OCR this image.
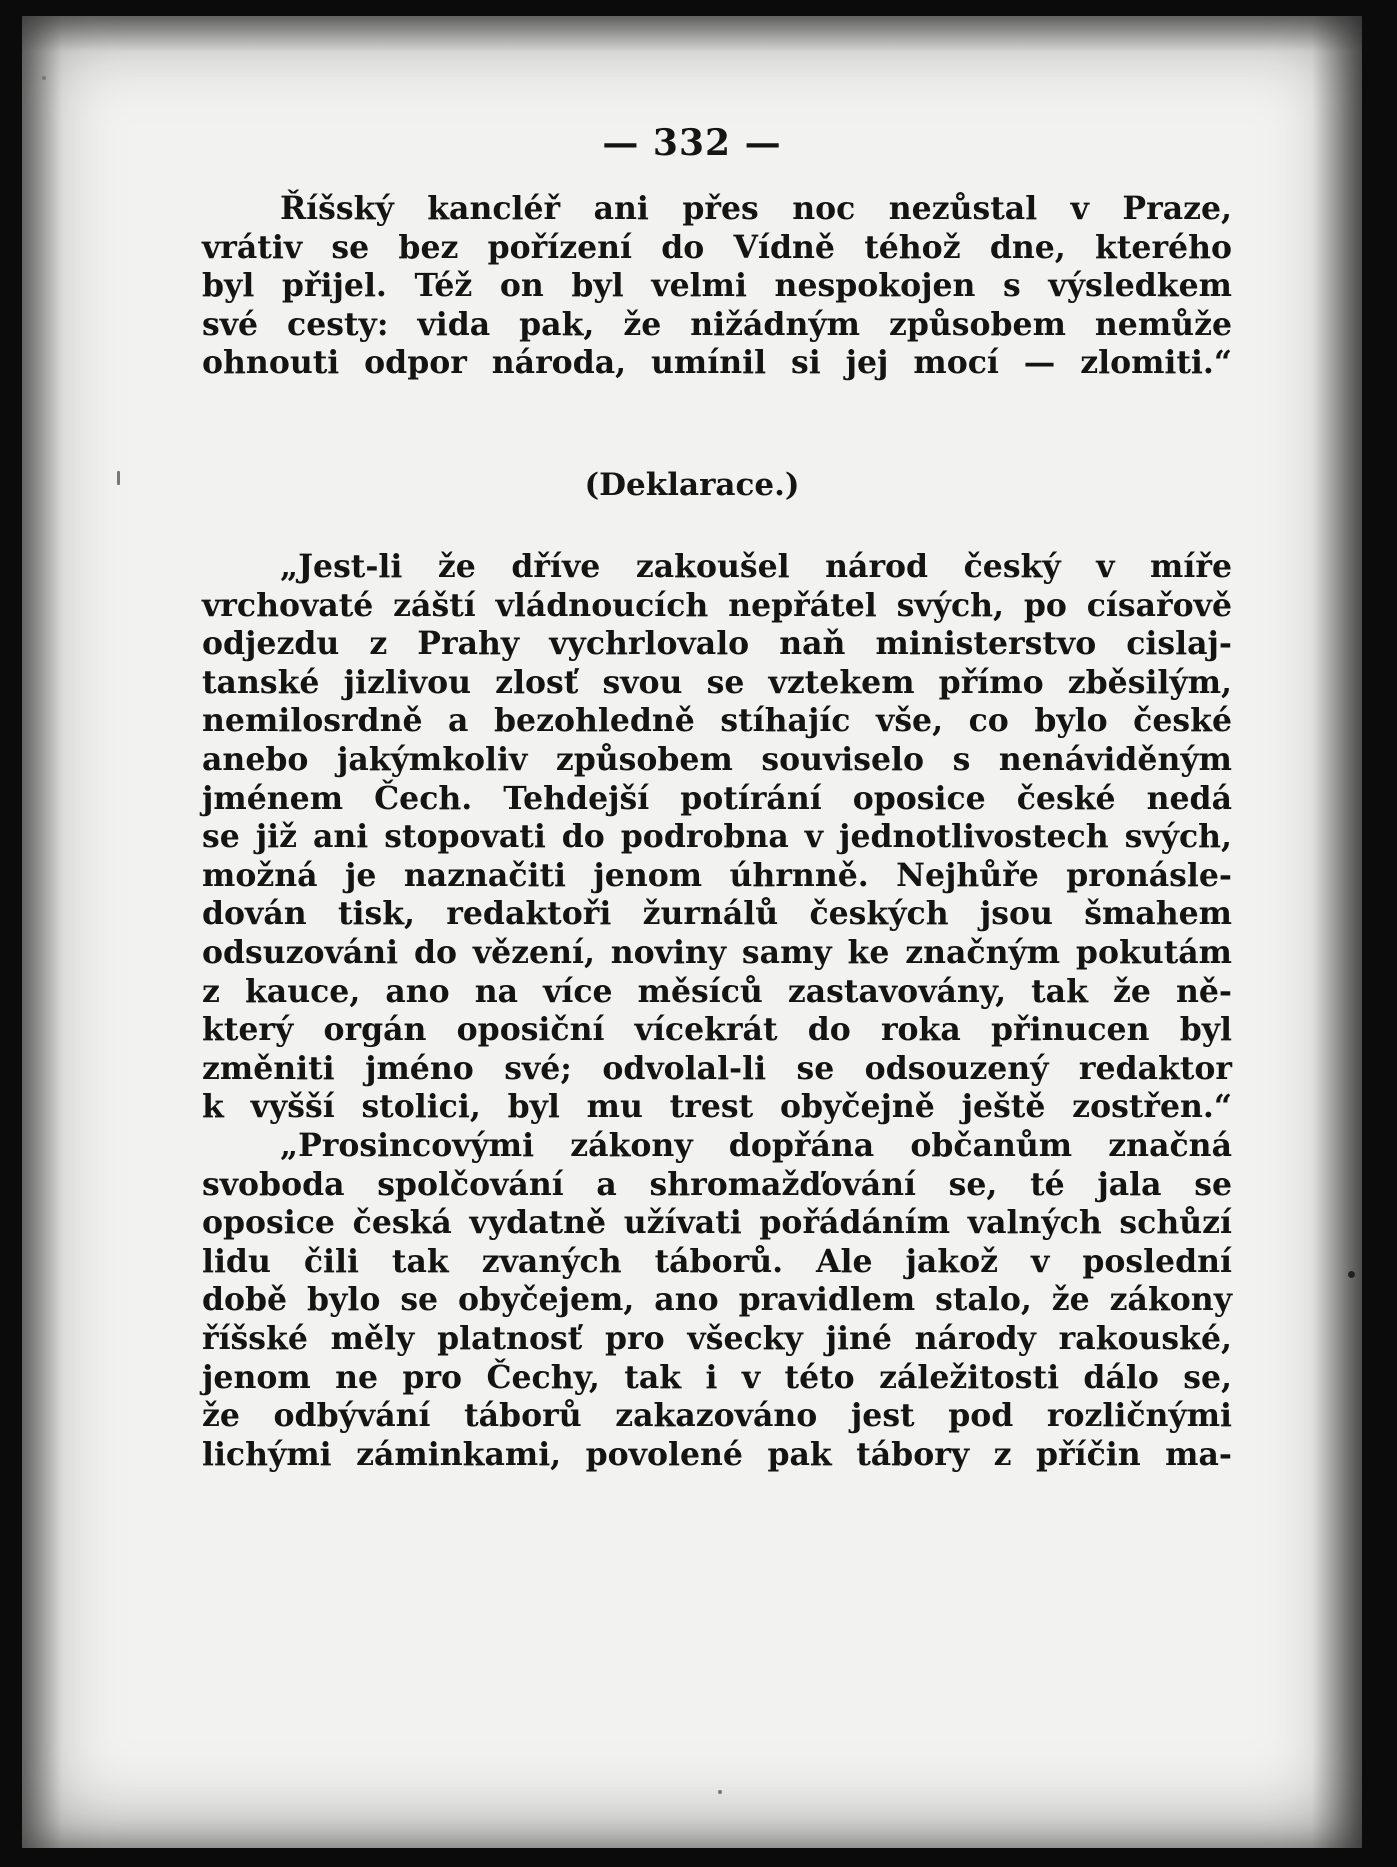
— 332 —
Říšský kancléř ani přes noc nezůstal v Praze,
vrátiv se bez pořízení do Vídně téhož dne, kterého
byl přijel. Též on byl velmi nespokojen s výsledkem
své cesty: vida pak, že nižádným způsobem nemůže
ohnouti odpor národa, umínil si jej mocí — zlomiti.“
(Deklarace.)
„Jest-li že dříve zakoušel národ český v míře
vrchovaté záští vládnoucích nepřátel svých, po císařově
odjezdu z Prahy vychrlovalo naň ministerstvo cislaj-
tanské jizlivou zlosť svou se vztekem přímo zběsilým,
nemilosrdně a bezohledně stíhajíc vše, co bylo české
anebo jakýmkoliv způsobem souviselo s nenáviděným
jménem Čech. Tehdejší potírání oposice české nedá
se již ani stopovati do podrobna v jednotlivostech svých,
možná je naznačiti jenom úhrnně. Nejhůře pronásle-
dován tisk, redaktoři žurnálů českých jsou šmahem
odsuzováni do vězení, noviny samy ke značným pokutám
z kauce, ano na více měsíců zastavovány, tak že ně-
který orgán oposiční vícekrát do roka přinucen byl
změniti jméno své; odvolal-li se odsouzený redaktor
k vyšší stolici, byl mu trest obyčejně ještě zostřen.“
„Prosincovými zákony dopřána občanům značná
svoboda spolčování a shromažďování se, té jala se
oposice česká vydatně užívati pořádáním valných schůzí
lidu čili tak zvaných táborů. Ale jakož v poslední
době bylo se obyčejem, ano pravidlem stalo, že zákony
říšské měly platnosť pro všecky jiné národy rakouské,
jenom ne pro Čechy, tak i v této záležitosti dálo se,
že odbývání táborů zakazováno jest pod rozličnými
lichými záminkami, povolené pak tábory z příčin ma-
